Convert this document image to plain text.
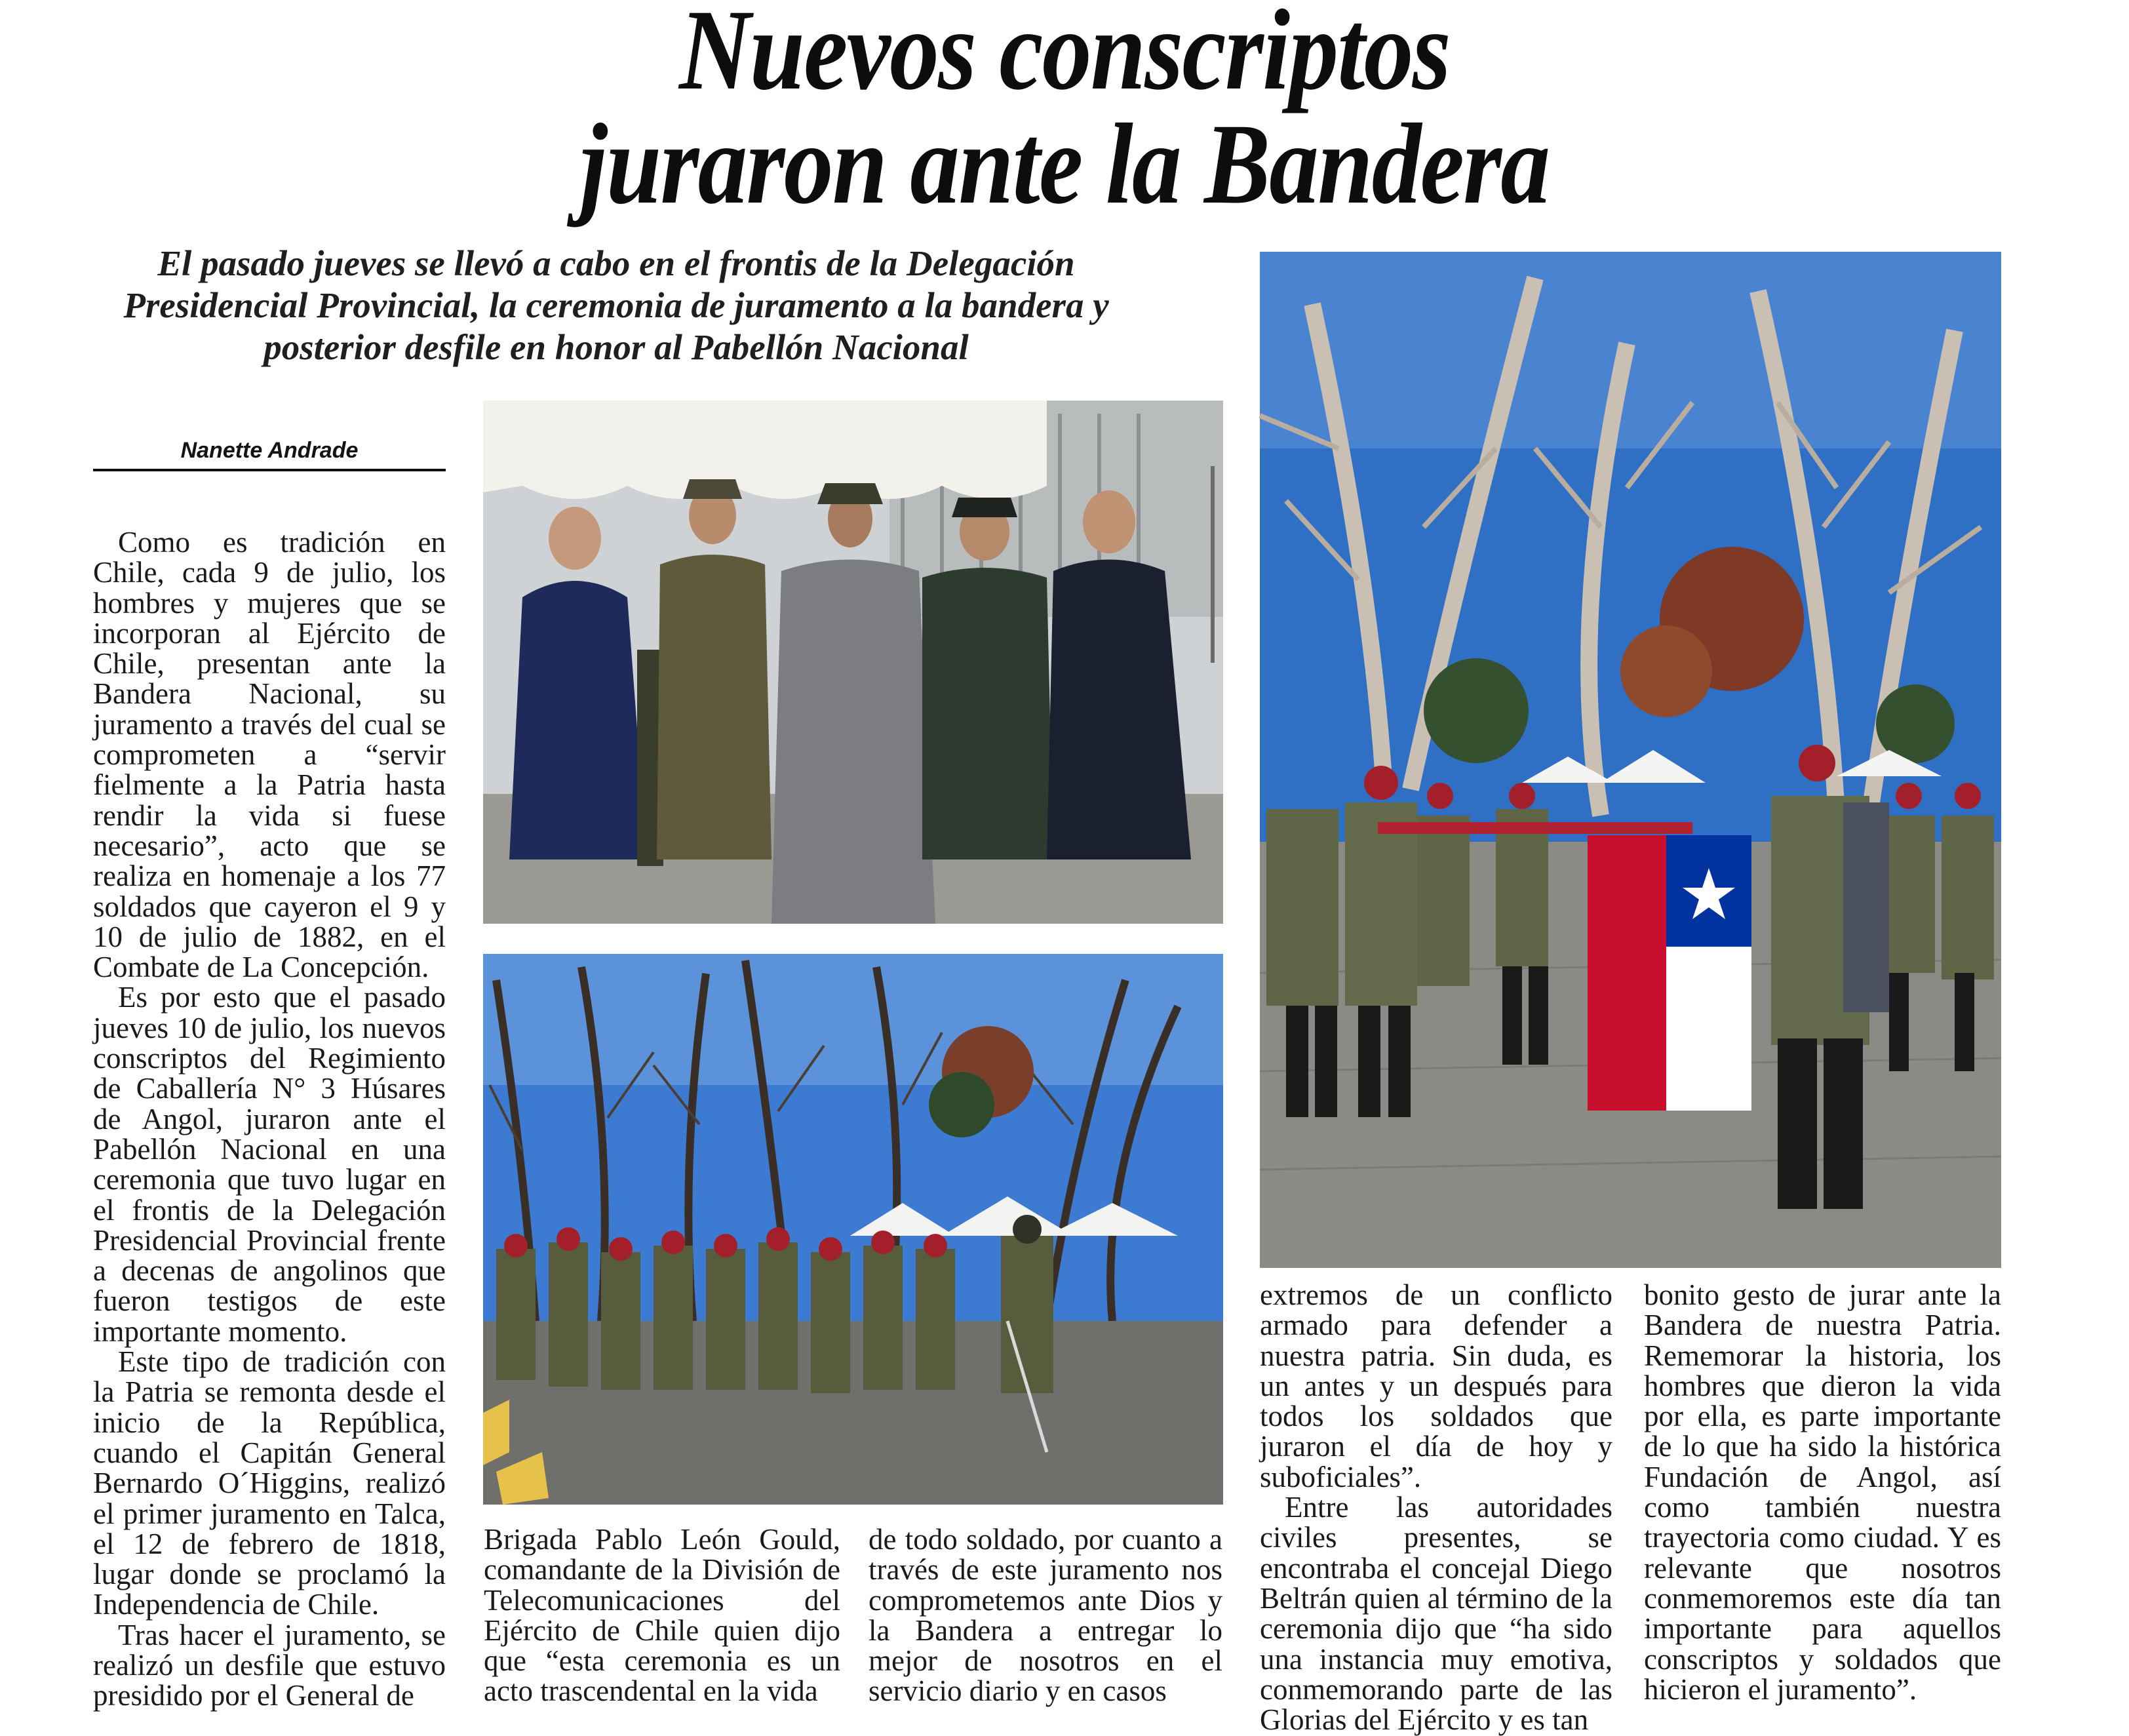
Nuevos conscriptos
juraron ante la Bandera

El pasado jueves se llevó a cabo en el frontis de la Delegación Presidencial Provincial, la ceremonia de juramento a la bandera y posterior desfile en honor al Pabellón Nacional

Nanette Andrade

Como es tradición en Chile, cada 9 de julio, los hombres y mujeres que se incorporan al Ejército de Chile, presentan ante la Bandera Nacional, su juramento a través del cual se comprometen a “servir fielmente a la Patria hasta rendir la vida si fuese necesario”, acto que se realiza en homenaje a los 77 soldados que cayeron el 9 y 10 de julio de 1882, en el Combate de La Concepción.

Es por esto que el pasado jueves 10 de julio, los nuevos conscriptos del Regimiento de Caballería N° 3 Húsares de Angol, juraron ante el Pabellón Nacional en una ceremonia que tuvo lugar en el frontis de la Delegación Presidencial Provincial frente a decenas de angolinos que fueron testigos de este importante momento.

Este tipo de tradición con la Patria se remonta desde el inicio de la República, cuando el Capitán General Bernardo O´Higgins, realizó el primer juramento en Talca, el 12 de febrero de 1818, lugar donde se proclamó la Independencia de Chile.

Tras hacer el juramento, se realizó un desfile que estuvo presidido por el General de

Brigada Pablo León Gould, comandante de la División de Telecomunicaciones del Ejército de Chile quien dijo que “esta ceremonia es un acto trascendental en la vida

de todo soldado, por cuanto a través de este juramento nos comprometemos ante Dios y la Bandera a entregar lo mejor de nosotros en el servicio diario y en casos

extremos de un conflicto armado para defender a nuestra patria. Sin duda, es un antes y un después para todos los soldados que juraron el día de hoy y suboficiales”.

Entre las autoridades civiles presentes, se encontraba el concejal Diego Beltrán quien al término de la ceremonia dijo que “ha sido una instancia muy emotiva, conmemorando parte de las Glorias del Ejército y es tan

bonito gesto de jurar ante la Bandera de nuestra Patria. Rememorar la historia, los hombres que dieron la vida por ella, es parte importante de lo que ha sido la histórica Fundación de Angol, así como también nuestra trayectoria como ciudad. Y es relevante que nosotros conmemoremos este día tan importante para aquellos conscriptos y soldados que hicieron el juramento”.
